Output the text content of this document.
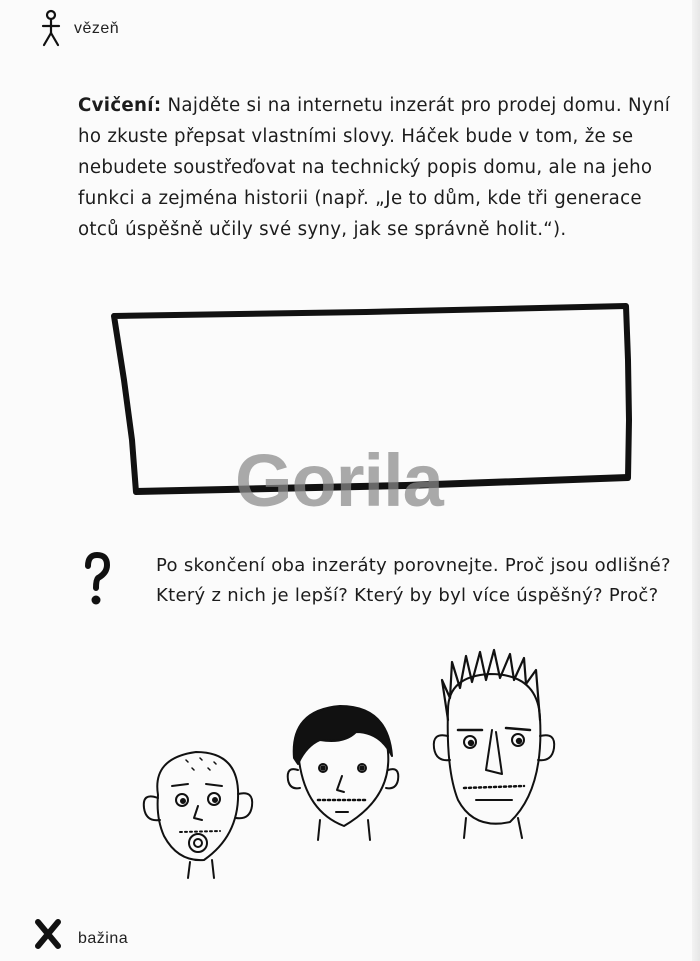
vězeň
Cvičení: Najděte si na internetu inzerát pro prodej domu. Nyní ho zkuste přepsat vlastními slovy. Háček bude v tom, že se nebudete soustřeďovat na technický popis domu, ale na jeho funkci a zejména historii (např. „Je to dům, kde tři generace otců úspěšně učily své syny, jak se správně holit.“).
Gorila
Po skončení oba inzeráty porovnejte. Proč jsou odlišné? Který z nich je lepší? Který by byl více úspěšný? Proč?
bažina
